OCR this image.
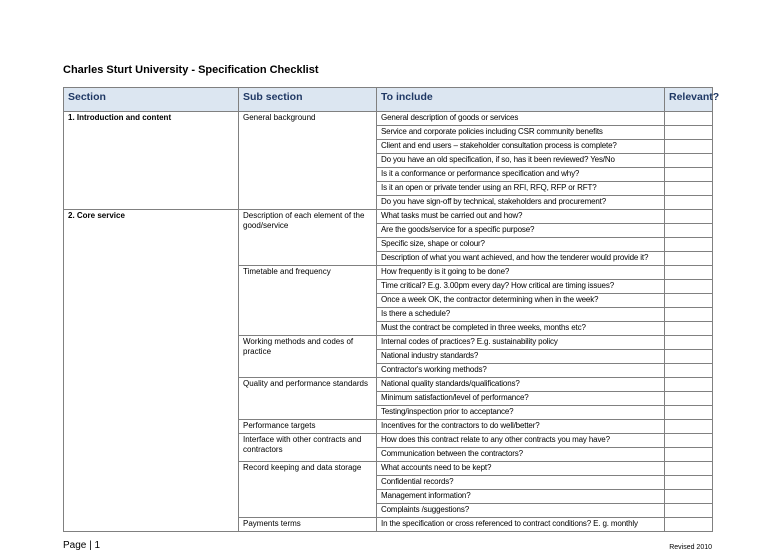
Charles Sturt University - Specification Checklist
Section	Sub section	To include	Relevant?
1. Introduction and content	General background	General description of goods or services	
		Service and corporate policies including CSR community benefits	
		Client and end users – stakeholder consultation process is complete?	
		Do you have an old specification, if so, has it been reviewed? Yes/No	
		Is it a conformance or performance specification and why?	
		Is it an open or private tender using an RFI, RFQ, RFP or RFT?	
		Do you have sign-off by technical, stakeholders and procurement?	
2. Core service	Description of each element of the good/service	What tasks must be carried out and how?	
		Are the goods/service for a specific purpose?	
		Specific size, shape or colour?	
		Description of what you want achieved, and how the tenderer would provide it?	
	Timetable and frequency	How frequently is it going to be done?	
		Time critical? E.g. 3.00pm every day? How critical are timing issues?	
		Once a week OK, the contractor determining when in the week?	
		Is there a schedule?	
		Must the contract be completed in three weeks, months etc?	
	Working methods and codes of practice	Internal codes of practices? E.g. sustainability policy	
		National industry standards?	
		Contractor's working methods?	
	Quality and performance standards	National quality standards/qualifications?	
		Minimum satisfaction/level of performance?	
		Testing/inspection prior to acceptance?	
	Performance targets	Incentives for the contractors to do well/better?	
	Interface with other contracts and contractors	How does this contract relate to any other contracts you may have?	
		Communication between the contractors?	
	Record keeping and data storage	What accounts need to be kept?	
		Confidential records?	
		Management information?	
		Complaints /suggestions?	
	Payments terms	In the specification or cross referenced to contract conditions? E. g. monthly	
Page | 1	Revised 2010
